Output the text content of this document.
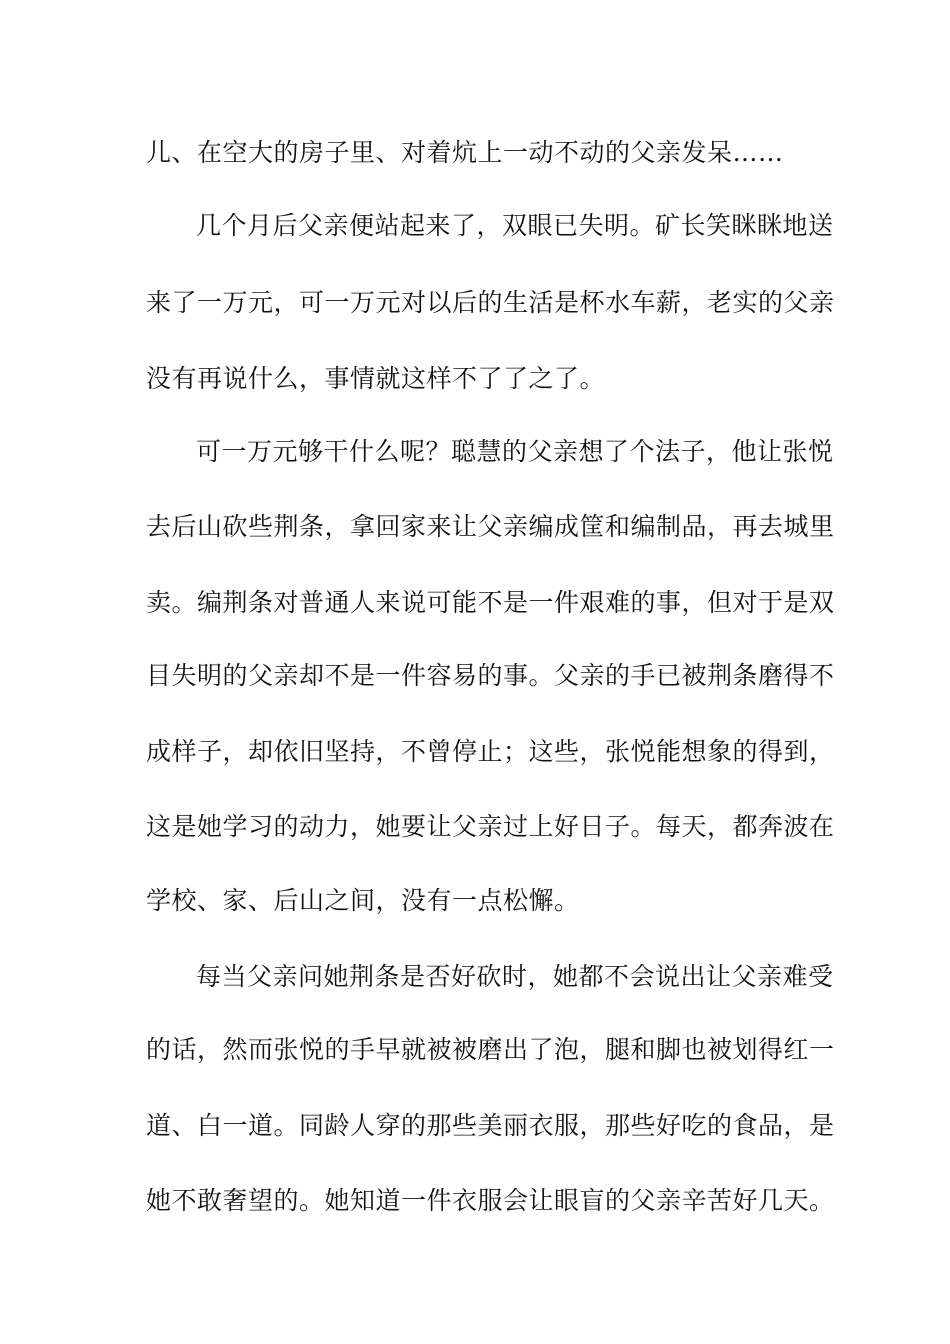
儿、在空大的房子里、对着炕上一动不动的父亲发呆……
几个月后父亲便站起来了，双眼已失明。矿长笑眯眯地送
来了一万元，可一万元对以后的生活是杯水车薪，老实的父亲
没有再说什么，事情就这样不了了之了。
可一万元够干什么呢？聪慧的父亲想了个法子，他让张悦
去后山砍些荆条，拿回家来让父亲编成筐和编制品，再去城里
卖。编荆条对普通人来说可能不是一件艰难的事，但对于是双
目失明的父亲却不是一件容易的事。父亲的手已被荆条磨得不
成样子，却依旧坚持，不曾停止；这些，张悦能想象的得到，
这是她学习的动力，她要让父亲过上好日子。每天，都奔波在
学校、家、后山之间，没有一点松懈。
每当父亲问她荆条是否好砍时，她都不会说出让父亲难受
的话，然而张悦的手早就被被磨出了泡，腿和脚也被划得红一
道、白一道。同龄人穿的那些美丽衣服，那些好吃的食品，是
她不敢奢望的。她知道一件衣服会让眼盲的父亲辛苦好几天。
